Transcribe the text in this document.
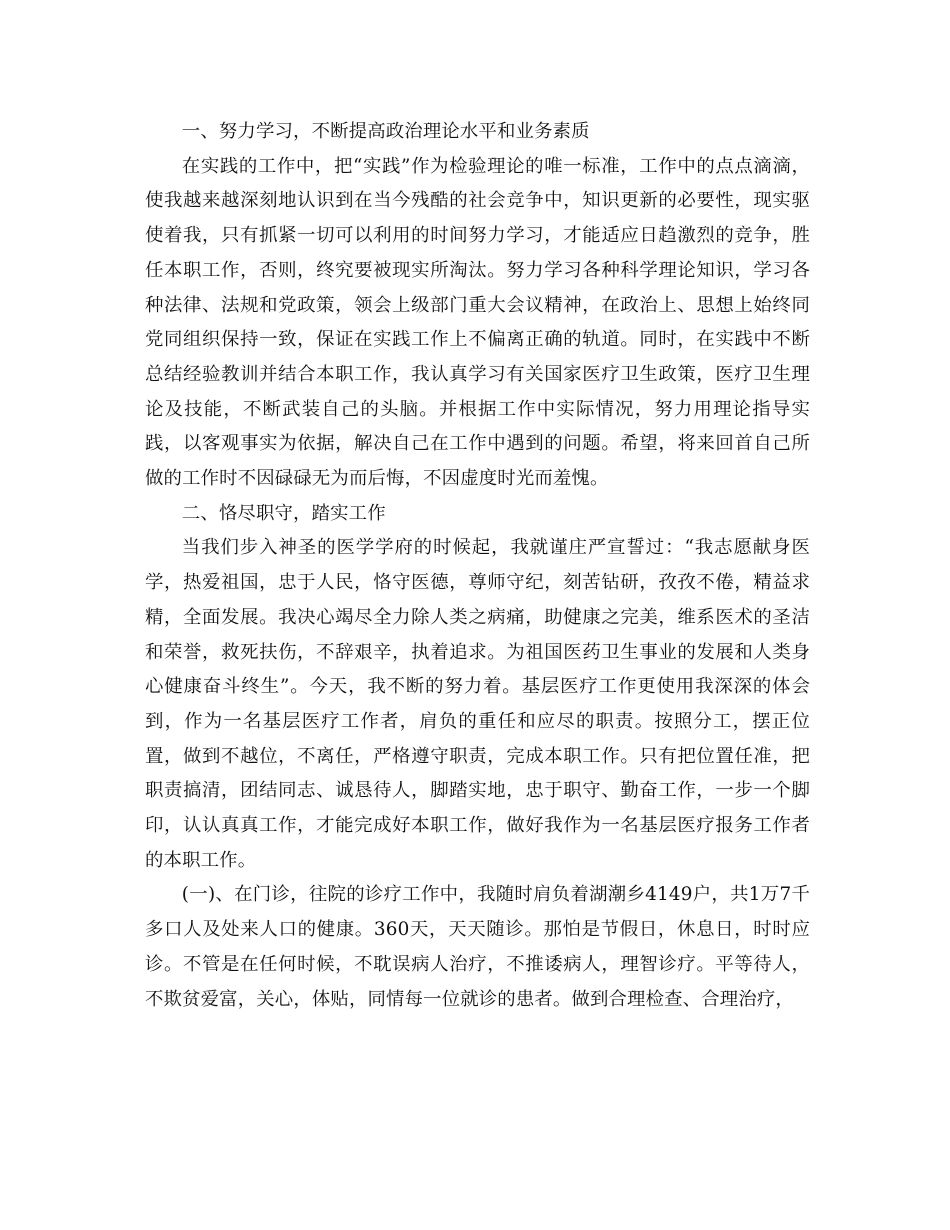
一、努力学习，不断提高政治理论水平和业务素质

在实践的工作中，把“实践”作为检验理论的唯一标准，工作中的点点滴滴，使我越来越深刻地认识到在当今残酷的社会竞争中，知识更新的必要性，现实驱使着我，只有抓紧一切可以利用的时间努力学习，才能适应日趋激烈的竞争，胜任本职工作，否则，终究要被现实所淘汰。努力学习各种科学理论知识，学习各种法律、法规和党政策，领会上级部门重大会议精神，在政治上、思想上始终同党同组织保持一致，保证在实践工作上不偏离正确的轨道。同时，在实践中不断总结经验教训并结合本职工作，我认真学习有关国家医疗卫生政策，医疗卫生理论及技能，不断武装自己的头脑。并根据工作中实际情况，努力用理论指导实践，以客观事实为依据，解决自己在工作中遇到的问题。希望，将来回首自己所做的工作时不因碌碌无为而后悔，不因虚度时光而羞愧。

二、恪尽职守，踏实工作

当我们步入神圣的医学学府的时候起，我就谨庄严宣誓过：“我志愿献身医学，热爱祖国，忠于人民，恪守医德，尊师守纪，刻苦钻研，孜孜不倦，精益求精，全面发展。我决心竭尽全力除人类之病痛，助健康之完美，维系医术的圣洁和荣誉，救死扶伤，不辞艰辛，执着追求。为祖国医药卫生事业的发展和人类身心健康奋斗终生”。今天，我不断的努力着。基层医疗工作更使用我深深的体会到，作为一名基层医疗工作者，肩负的重任和应尽的职责。按照分工，摆正位置，做到不越位，不离任，严格遵守职责，完成本职工作。只有把位置任准，把职责搞清，团结同志、诚恳待人，脚踏实地，忠于职守、勤奋工作，一步一个脚印，认认真真工作，才能完成好本职工作，做好我作为一名基层医疗报务工作者的本职工作。

(一)、在门诊，往院的诊疗工作中，我随时肩负着湖潮乡4149户，共1万7千多口人及处来人口的健康。360天，天天随诊。那怕是节假日，休息日，时时应诊。不管是在任何时候，不耽误病人治疗，不推诿病人，理智诊疗。平等待人，不欺贫爱富，关心，体贴，同情每一位就诊的患者。做到合理检查、合理治疗，
